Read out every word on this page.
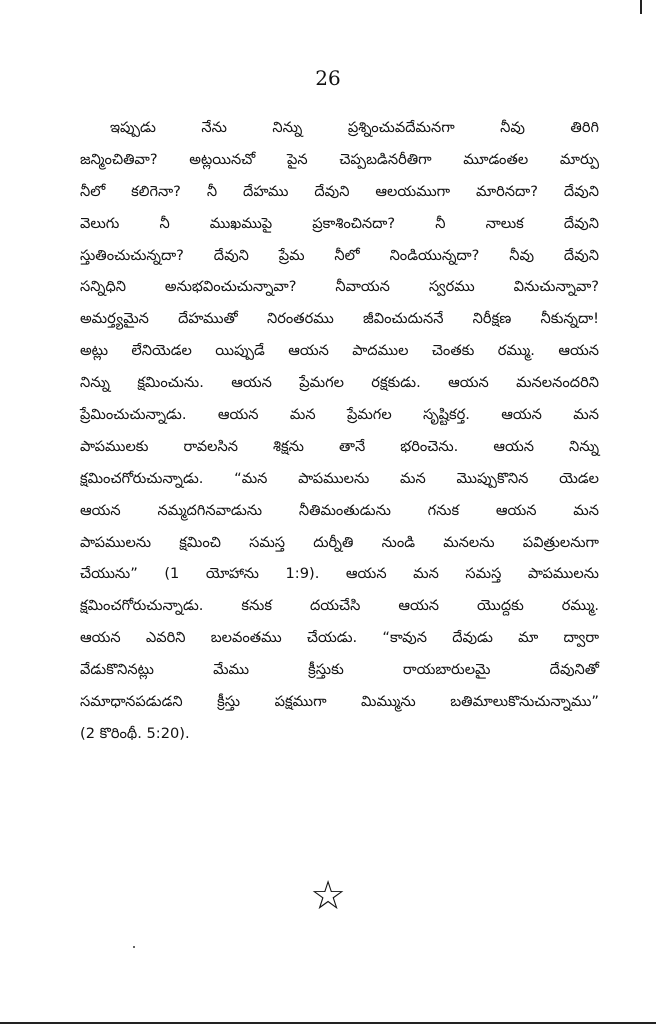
26
ఇప్పుడు నేను నిన్ను ప్రశ్నించువదేమనగా నీవు తిరిగి
జన్మించితివా? అట్లయినచో పైన చెప్పబడినరీతిగా మూడంతల మార్పు
నీలో కలిగెనా? నీ దేహము దేవుని ఆలయముగా మారినదా? దేవుని
వెలుగు నీ ముఖముపై ప్రకాశించినదా? నీ నాలుక దేవుని
స్తుతించుచున్నదా? దేవుని ప్రేమ నీలో నిండియున్నదా? నీవు దేవుని
సన్నిధిని అనుభవించుచున్నావా? నీవాయన స్వరము వినుచున్నావా?
అమర్త్యమైన దేహముతో నిరంతరము జీవించుదుననే నిరీక్షణ నీకున్నదా!
అట్లు లేనియెడల యిప్పుడే ఆయన పాదముల చెంతకు రమ్ము. ఆయన
నిన్ను క్షమించును. ఆయన ప్రేమగల రక్షకుడు. ఆయన మనలనందరిని
ప్రేమించుచున్నాడు. ఆయన మన ప్రేమగల సృష్టికర్త. ఆయన మన
పాపములకు రావలసిన శిక్షను తానే భరించెను. ఆయన నిన్ను
క్షమించగోరుచున్నాడు. “మన పాపములను మన మొప్పుకొనిన యెడల
ఆయన నమ్మదగినవాడును నీతిమంతుడును గనుక ఆయన మన
పాపములను క్షమించి సమస్త దుర్నీతి నుండి మనలను పవిత్రులనుగా
చేయును” (1 యోహాను 1:9). ఆయన మన సమస్త పాపములను
క్షమించగోరుచున్నాడు. కనుక దయచేసి ఆయన యొద్దకు రమ్ము.
ఆయన ఎవరిని బలవంతము చేయడు. “కావున దేవుడు మా ద్వారా
వేడుకొనినట్లు మేము క్రీస్తుకు రాయబారులమై దేవునితో
సమాధానపడుడని క్రీస్తు పక్షముగా మిమ్మును బతిమాలుకొనుచున్నాము”
(2 కొరింథీ. 5:20).
☆
